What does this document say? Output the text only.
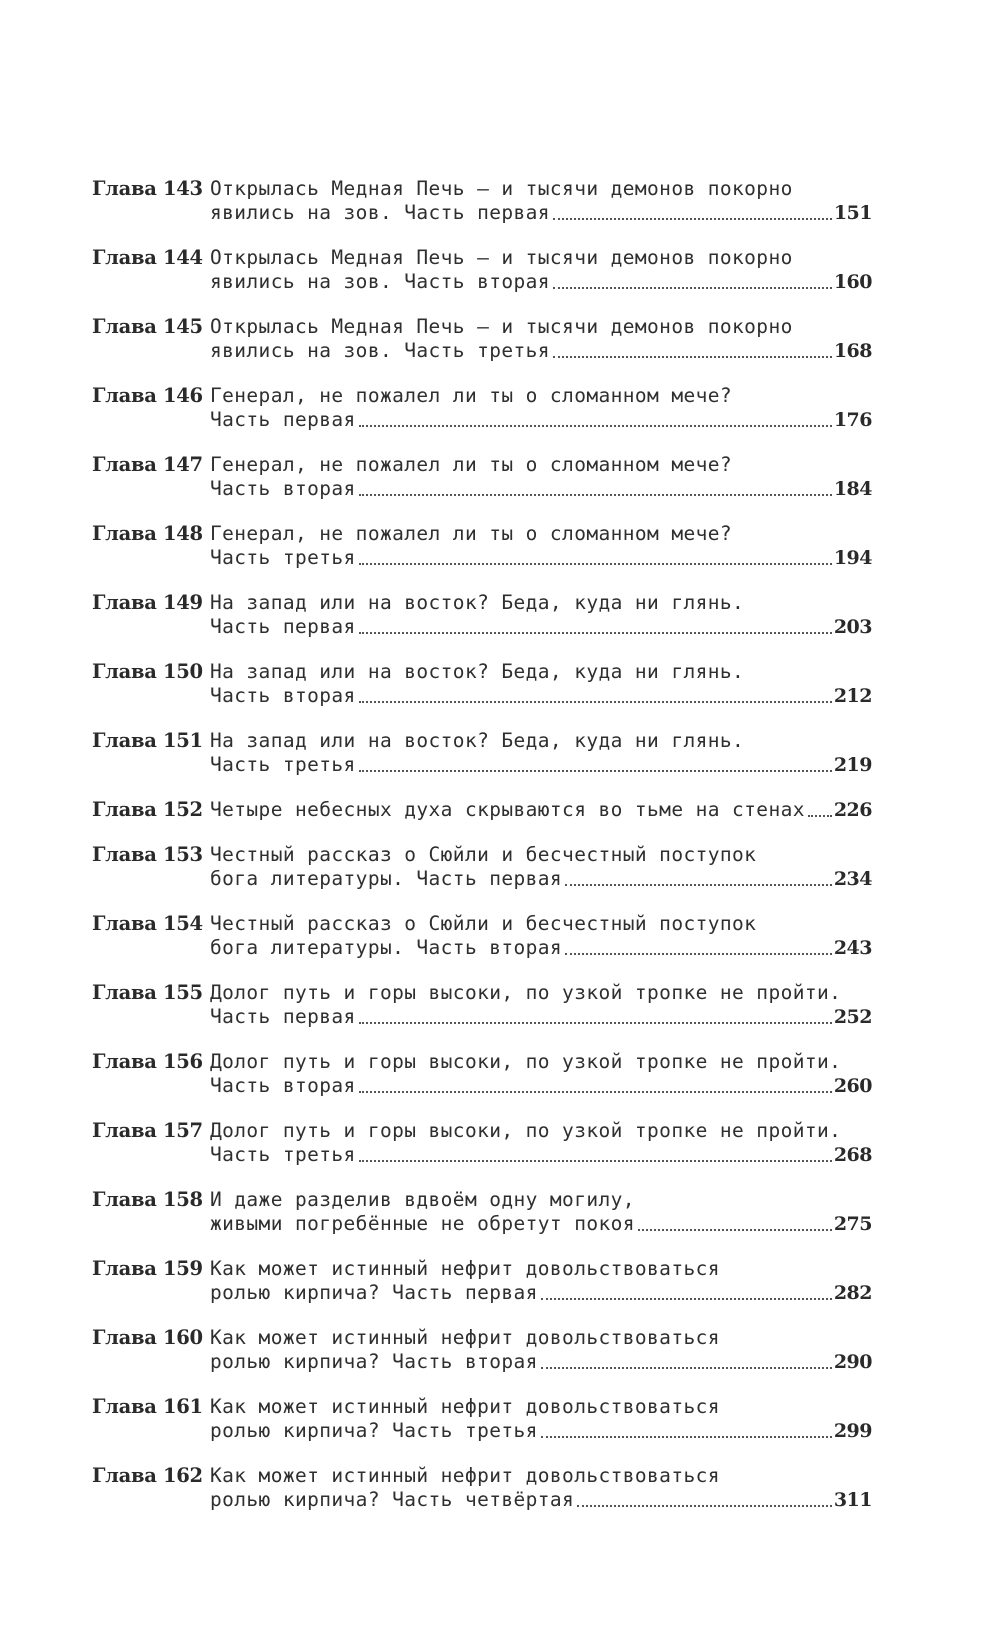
Глава 143 Открылась Медная Печь — и тысячи демонов покорно
явились на зов. Часть первая	151
Глава 144 Открылась Медная Печь — и тысячи демонов покорно
явились на зов. Часть вторая	160
Глава 145 Открылась Медная Печь — и тысячи демонов покорно
явились на зов. Часть третья	168
Глава 146 Генерал, не пожалел ли ты о сломанном мече?
Часть первая	176
Глава 147 Генерал, не пожалел ли ты о сломанном мече?
Часть вторая	184
Глава 148 Генерал, не пожалел ли ты о сломанном мече?
Часть третья	194
Глава 149 На запад или на восток? Беда, куда ни глянь.
Часть первая	203
Глава 150 На запад или на восток? Беда, куда ни глянь.
Часть вторая	212
Глава 151 На запад или на восток? Беда, куда ни глянь.
Часть третья	219
Глава 152 Четыре небесных духа скрываются во тьме на стенах 226
Глава 153 Честный рассказ о Сюйли и бесчестный поступок
бога литературы. Часть первая	234
Глава 154 Честный рассказ о Сюйли и бесчестный поступок
бога литературы. Часть вторая	243
Глава 155 Долог путь и горы высоки, по узкой тропке не пройти.
Часть первая	252
Глава 156 Долог путь и горы высоки, по узкой тропке не пройти.
Часть вторая	260
Глава 157 Долог путь и горы высоки, по узкой тропке не пройти.
Часть третья	268
Глава 158 И даже разделив вдвоём одну могилу,
живыми погребённые не обретут покоя	275
Глава 159 Как может истинный нефрит довольствоваться
ролью кирпича? Часть первая	282
Глава 160 Как может истинный нефрит довольствоваться
ролью кирпича? Часть вторая	290
Глава 161 Как может истинный нефрит довольствоваться
ролью кирпича? Часть третья	299
Глава 162 Как может истинный нефрит довольствоваться
ролью кирпича? Часть четвёртая	311
